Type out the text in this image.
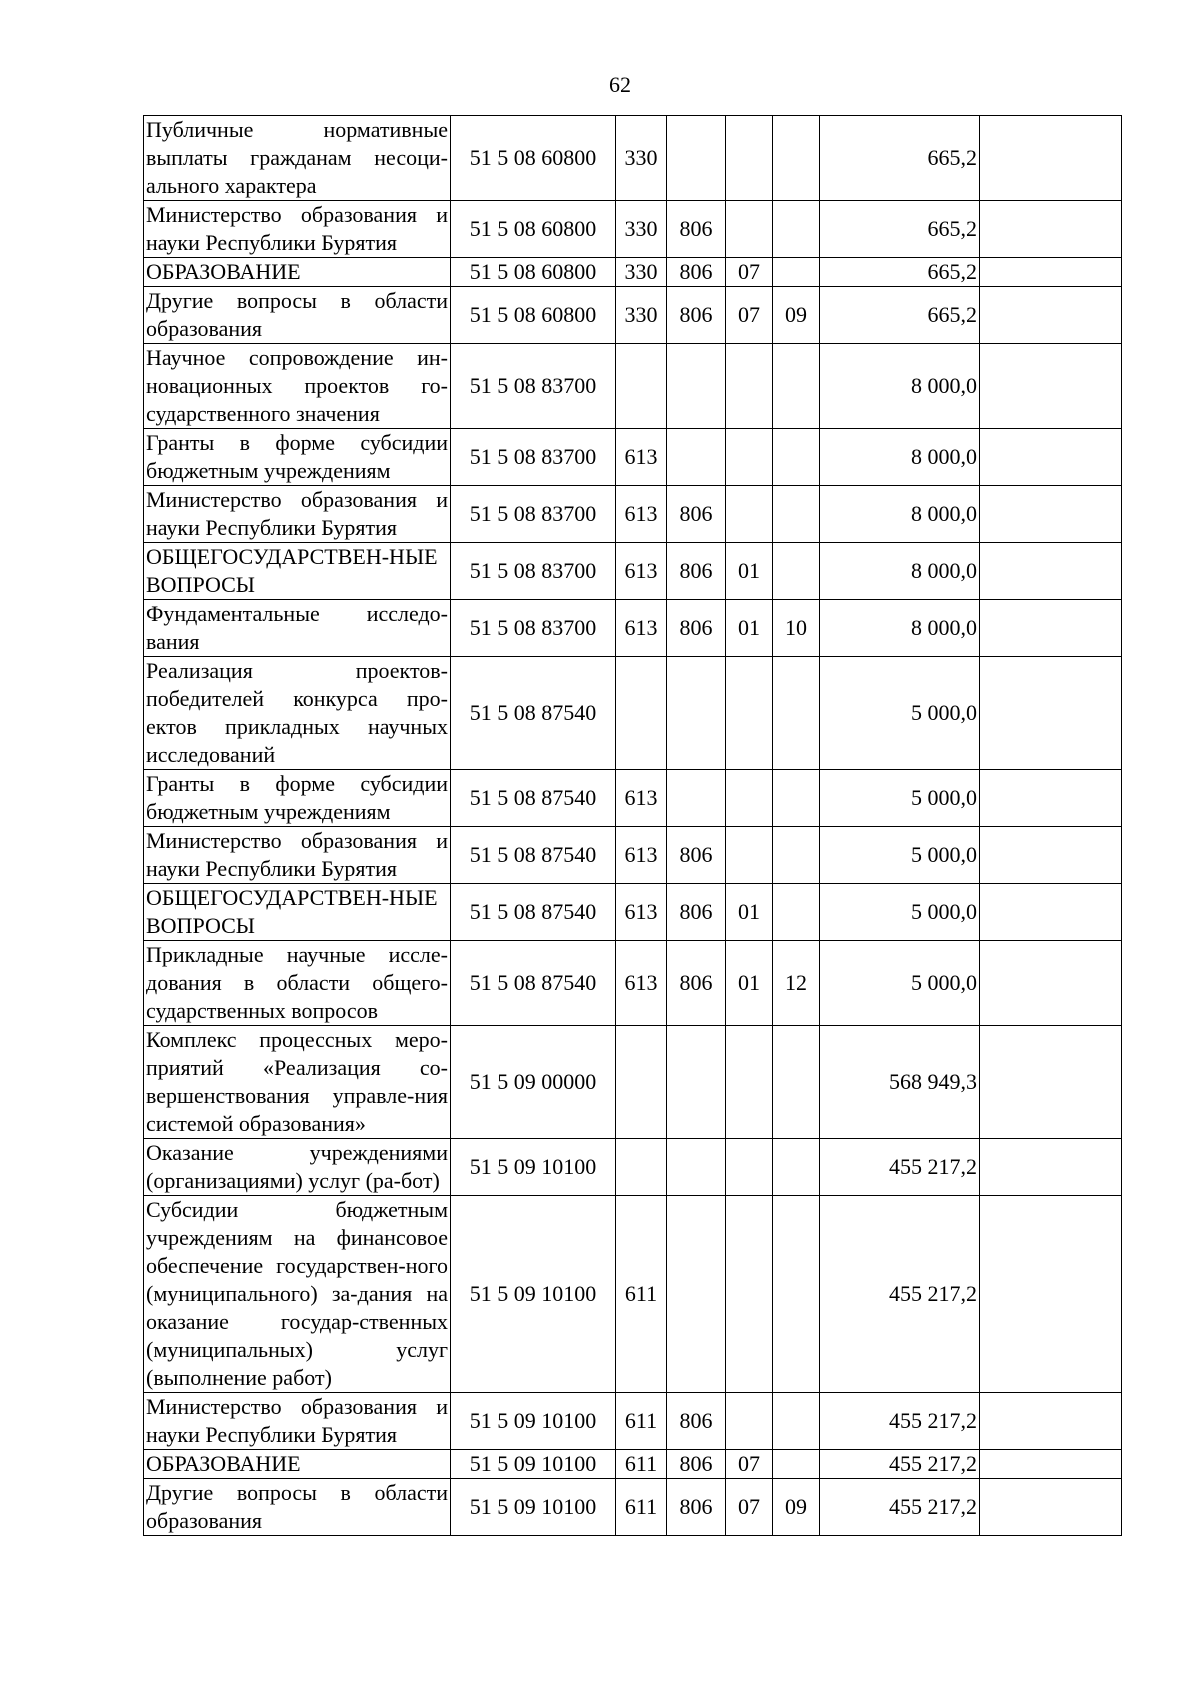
62
Публичные нормативные выплаты гражданам несоци-ального характера	51 5 08 60800	330				665,2	
Министерство образования и науки Республики Бурятия	51 5 08 60800	330	806			665,2	
ОБРАЗОВАНИЕ	51 5 08 60800	330	806	07		665,2	
Другие вопросы в области образования	51 5 08 60800	330	806	07	09	665,2	
Научное сопровождение ин-новационных проектов го-сударственного значения	51 5 08 83700					8 000,0	
Гранты в форме субсидии бюджетным учреждениям	51 5 08 83700	613				8 000,0	
Министерство образования и науки Республики Бурятия	51 5 08 83700	613	806			8 000,0	
ОБЩЕГОСУДАРСТВЕН-НЫЕ ВОПРОСЫ	51 5 08 83700	613	806	01		8 000,0	
Фундаментальные исследо-вания	51 5 08 83700	613	806	01	10	8 000,0	
Реализация проектов-победителей конкурса про-ектов прикладных научных исследований	51 5 08 87540					5 000,0	
Гранты в форме субсидии бюджетным учреждениям	51 5 08 87540	613				5 000,0	
Министерство образования и науки Республики Бурятия	51 5 08 87540	613	806			5 000,0	
ОБЩЕГОСУДАРСТВЕН-НЫЕ ВОПРОСЫ	51 5 08 87540	613	806	01		5 000,0	
Прикладные научные иссле-дования в области общего-сударственных вопросов	51 5 08 87540	613	806	01	12	5 000,0	
Комплекс процессных меро-приятий «Реализация со-вершенствования управле-ния системой образования»	51 5 09 00000					568 949,3	
Оказание учреждениями (организациями) услуг (ра-бот)	51 5 09 10100					455 217,2	
Субсидии бюджетным учреждениям на финансовое обеспечение государствен-ного (муниципального) за-дания на оказание государ-ственных (муниципальных) услуг (выполнение работ)	51 5 09 10100	611				455 217,2	
Министерство образования и науки Республики Бурятия	51 5 09 10100	611	806			455 217,2	
ОБРАЗОВАНИЕ	51 5 09 10100	611	806	07		455 217,2	
Другие вопросы в области образования	51 5 09 10100	611	806	07	09	455 217,2	
